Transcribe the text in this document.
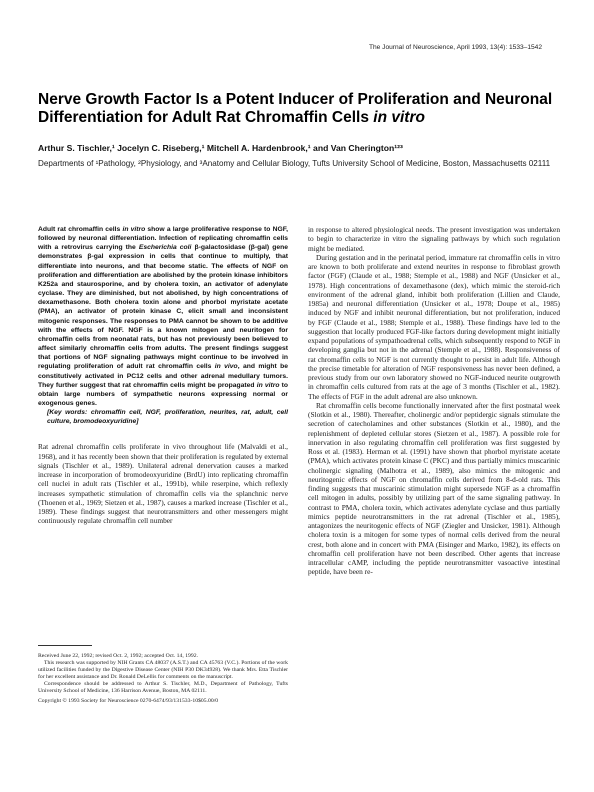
The Journal of Neuroscience, April 1993, 13(4): 1533–1542
Nerve Growth Factor Is a Potent Inducer of Proliferation and Neuronal Differentiation for Adult Rat Chromaffin Cells in vitro
Arthur S. Tischler,¹ Jocelyn C. Riseberg,¹ Mitchell A. Hardenbrook,¹ and Van Cherington¹²³
Departments of ¹Pathology, ²Physiology, and ³Anatomy and Cellular Biology, Tufts University School of Medicine, Boston, Massachusetts 02111

Adult rat chromaffin cells in vitro show a large proliferative response to NGF, followed by neuronal differentiation. Infection of replicating chromaffin cells with a retrovirus carrying the Escherichia coli β-galactosidase (β-gal) gene demonstrates β-gal expression in cells that continue to multiply, that differentiate into neurons, and that become static. The effects of NGF on proliferation and differentiation are abolished by the protein kinase inhibitors K252a and staurosporine, and by cholera toxin, an activator of adenylate cyclase. They are diminished, but not abolished, by high concentrations of dexamethasone. Both cholera toxin alone and phorbol myristate acetate (PMA), an activator of protein kinase C, elicit small and inconsistent mitogenic responses. The responses to PMA cannot be shown to be additive with the effects of NGF. NGF is a known mitogen and neuritogen for chromaffin cells from neonatal rats, but has not previously been believed to affect similarly chromaffin cells from adults. The present findings suggest that portions of NGF signaling pathways might continue to be involved in regulating proliferation of adult rat chromaffin cells in vivo, and might be constitutively activated in PC12 cells and other adrenal medullary tumors. They further suggest that rat chromaffin cells might be propagated in vitro to obtain large numbers of sympathetic neurons expressing normal or exogenous genes.

[Key words: chromaffin cell, NGF, proliferation, neurites, rat, adult, cell culture, bromodeoxyuridine]

Rat adrenal chromaffin cells proliferate in vivo throughout life (Malvaldi et al., 1968), and it has recently been shown that their proliferation is regulated by external signals (Tischler et al., 1989). Unilateral adrenal denervation causes a marked increase in incorporation of bromodeoxyuridine (BrdU) into replicating chromaffin cell nuclei in adult rats (Tischler et al., 1991b), while reserpine, which reflexly increases sympathetic stimulation of chromaffin cells via the splanchnic nerve (Thoenen et al., 1969; Sietzen et al., 1987), causes a marked increase (Tischler et al., 1989). These findings suggest that neurotransmitters and other messengers might continuously regulate chromaffin cell number

Received June 22, 1992; revised Oct. 2, 1992; accepted Oct. 14, 1992.

This research was supported by NIH Grants CA 48037 (A.S.T.) and CA 45763 (V.C.). Portions of the work utilized facilities funded by the Digestive Disease Center (NIH P30 DK34928). We thank Mrs. Etta Tischler for her excellent assistance and Dr. Ronald DeLellis for comments on the manuscript.

Correspondence should be addressed to Arthur S. Tischler, M.D., Department of Pathology, Tufts University School of Medicine, 136 Harrison Avenue, Boston, MA 02111.

Copyright © 1993 Society for Neuroscience 0270-6474/93/131533-10$05.00/0

in response to altered physiological needs. The present investigation was undertaken to begin to characterize in vitro the signaling pathways by which such regulation might be mediated.

During gestation and in the perinatal period, immature rat chromaffin cells in vitro are known to both proliferate and extend neurites in response to fibroblast growth factor (FGF) (Claude et al., 1988; Stemple et al., 1988) and NGF (Unsicker et al., 1978). High concentrations of dexamethasone (dex), which mimic the steroid-rich environment of the adrenal gland, inhibit both proliferation (Lillien and Claude, 1985a) and neuronal differentiation (Unsicker et al., 1978; Doupe et al., 1985) induced by NGF and inhibit neuronal differentiation, but not proliferation, induced by FGF (Claude et al., 1988; Stemple et al., 1988). These findings have led to the suggestion that locally produced FGF-like factors during development might initially expand populations of sympathoadrenal cells, which subsequently respond to NGF in developing ganglia but not in the adrenal (Stemple et al., 1988). Responsiveness of rat chromaffin cells to NGF is not currently thought to persist in adult life. Although the precise timetable for alteration of NGF responsiveness has never been defined, a previous study from our own laboratory showed no NGF-induced neurite outgrowth in chromaffin cells cultured from rats at the age of 3 months (Tischler et al., 1982). The effects of FGF in the adult adrenal are also unknown.

Rat chromaffin cells become functionally innervated after the first postnatal week (Slotkin et al., 1980). Thereafter, cholinergic and/or peptidergic signals stimulate the secretion of catecholamines and other substances (Slotkin et al., 1980), and the replenishment of depleted cellular stores (Sietzen et al., 1987). A possible role for innervation in also regulating chromaffin cell proliferation was first suggested by Ross et al. (1983). Herman et al. (1991) have shown that phorbol myristate acetate (PMA), which activates protein kinase C (PKC) and thus partially mimics muscarinic cholinergic signaling (Malhotra et al., 1989), also mimics the mitogenic and neuritogenic effects of NGF on chromaffin cells derived from 8-d-old rats. This finding suggests that muscarinic stimulation might supersede NGF as a chromaffin cell mitogen in adults, possibly by utilizing part of the same signaling pathway. In contrast to PMA, cholera toxin, which activates adenylate cyclase and thus partially mimics peptide neurotransmitters in the rat adrenal (Tischler et al., 1985), antagonizes the neuritogenic effects of NGF (Ziegler and Unsicker, 1981). Although cholera toxin is a mitogen for some types of normal cells derived from the neural crest, both alone and in concert with PMA (Eisinger and Marko, 1982), its effects on chromaffin cell proliferation have not been described. Other agents that increase intracellular cAMP, including the peptide neurotransmitter vasoactive intestinal peptide, have been re-
